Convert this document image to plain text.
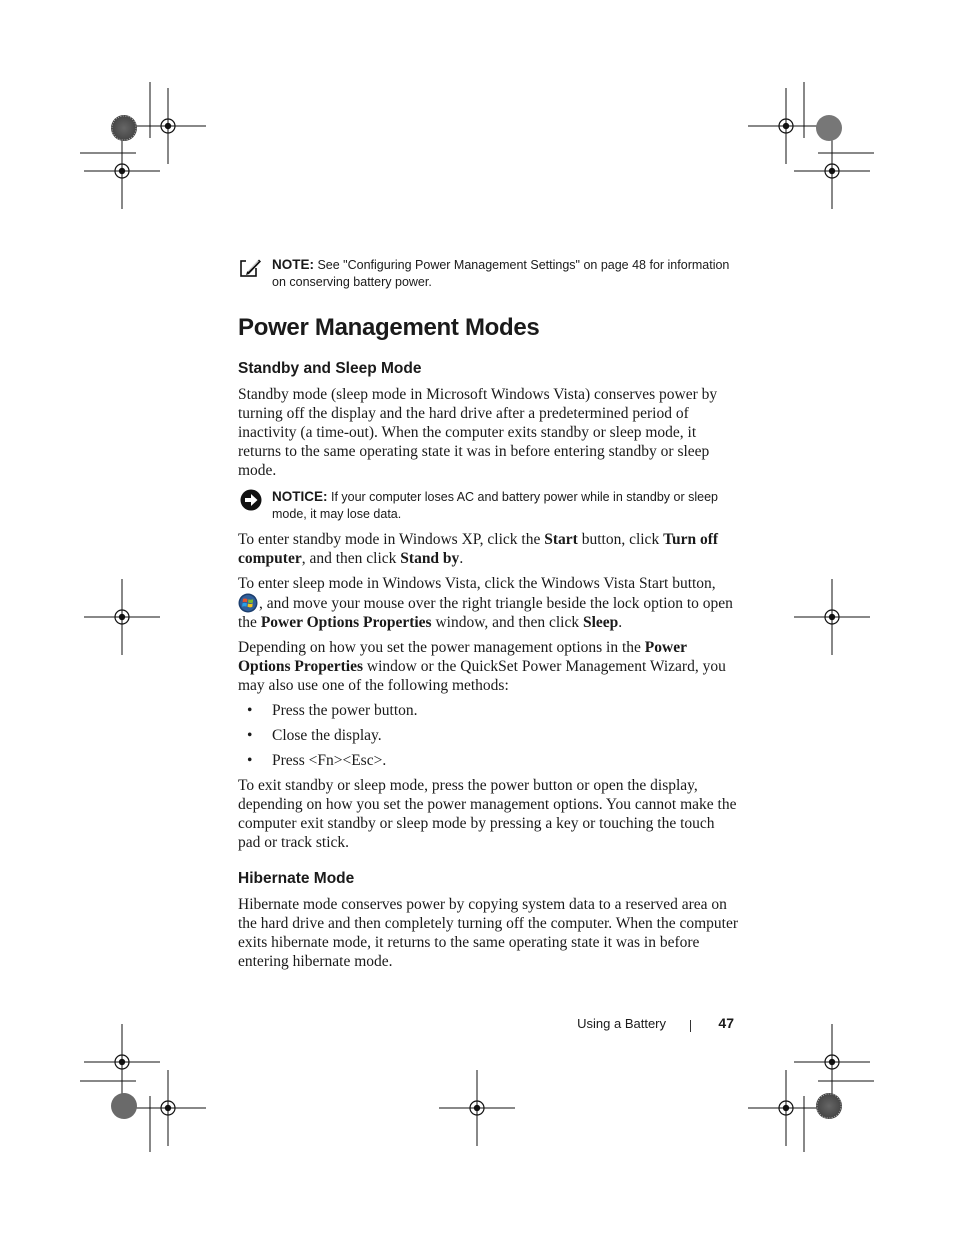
NOTE: See "Configuring Power Management Settings" on page 48 for information on conserving battery power.
Power Management Modes
Standby and Sleep Mode

Standby mode (sleep mode in Microsoft Windows Vista) conserves power by turning off the display and the hard drive after a predetermined period of inactivity (a time-out). When the computer exits standby or sleep mode, it returns to the same operating state it was in before entering standby or sleep mode.

NOTICE: If your computer loses AC and battery power while in standby or sleep mode, it may lose data.

To enter standby mode in Windows XP, click the Start button, click Turn off computer, and then click Stand by.

To enter sleep mode in Windows Vista, click the Windows Vista Start button, , and move your mouse over the right triangle beside the lock option to open the Power Options Properties window, and then click Sleep.

Depending on how you set the power management options in the Power Options Properties window or the QuickSet Power Management Wizard, you may also use one of the following methods:

• Press the power button.
• Close the display.
• Press <Fn><Esc>.

To exit standby or sleep mode, press the power button or open the display, depending on how you set the power management options. You cannot make the computer exit standby or sleep mode by pressing a key or touching the touch pad or track stick.

Hibernate Mode

Hibernate mode conserves power by copying system data to a reserved area on the hard drive and then completely turning off the computer. When the computer exits hibernate mode, it returns to the same operating state it was in before entering hibernate mode.

Using a Battery	47
